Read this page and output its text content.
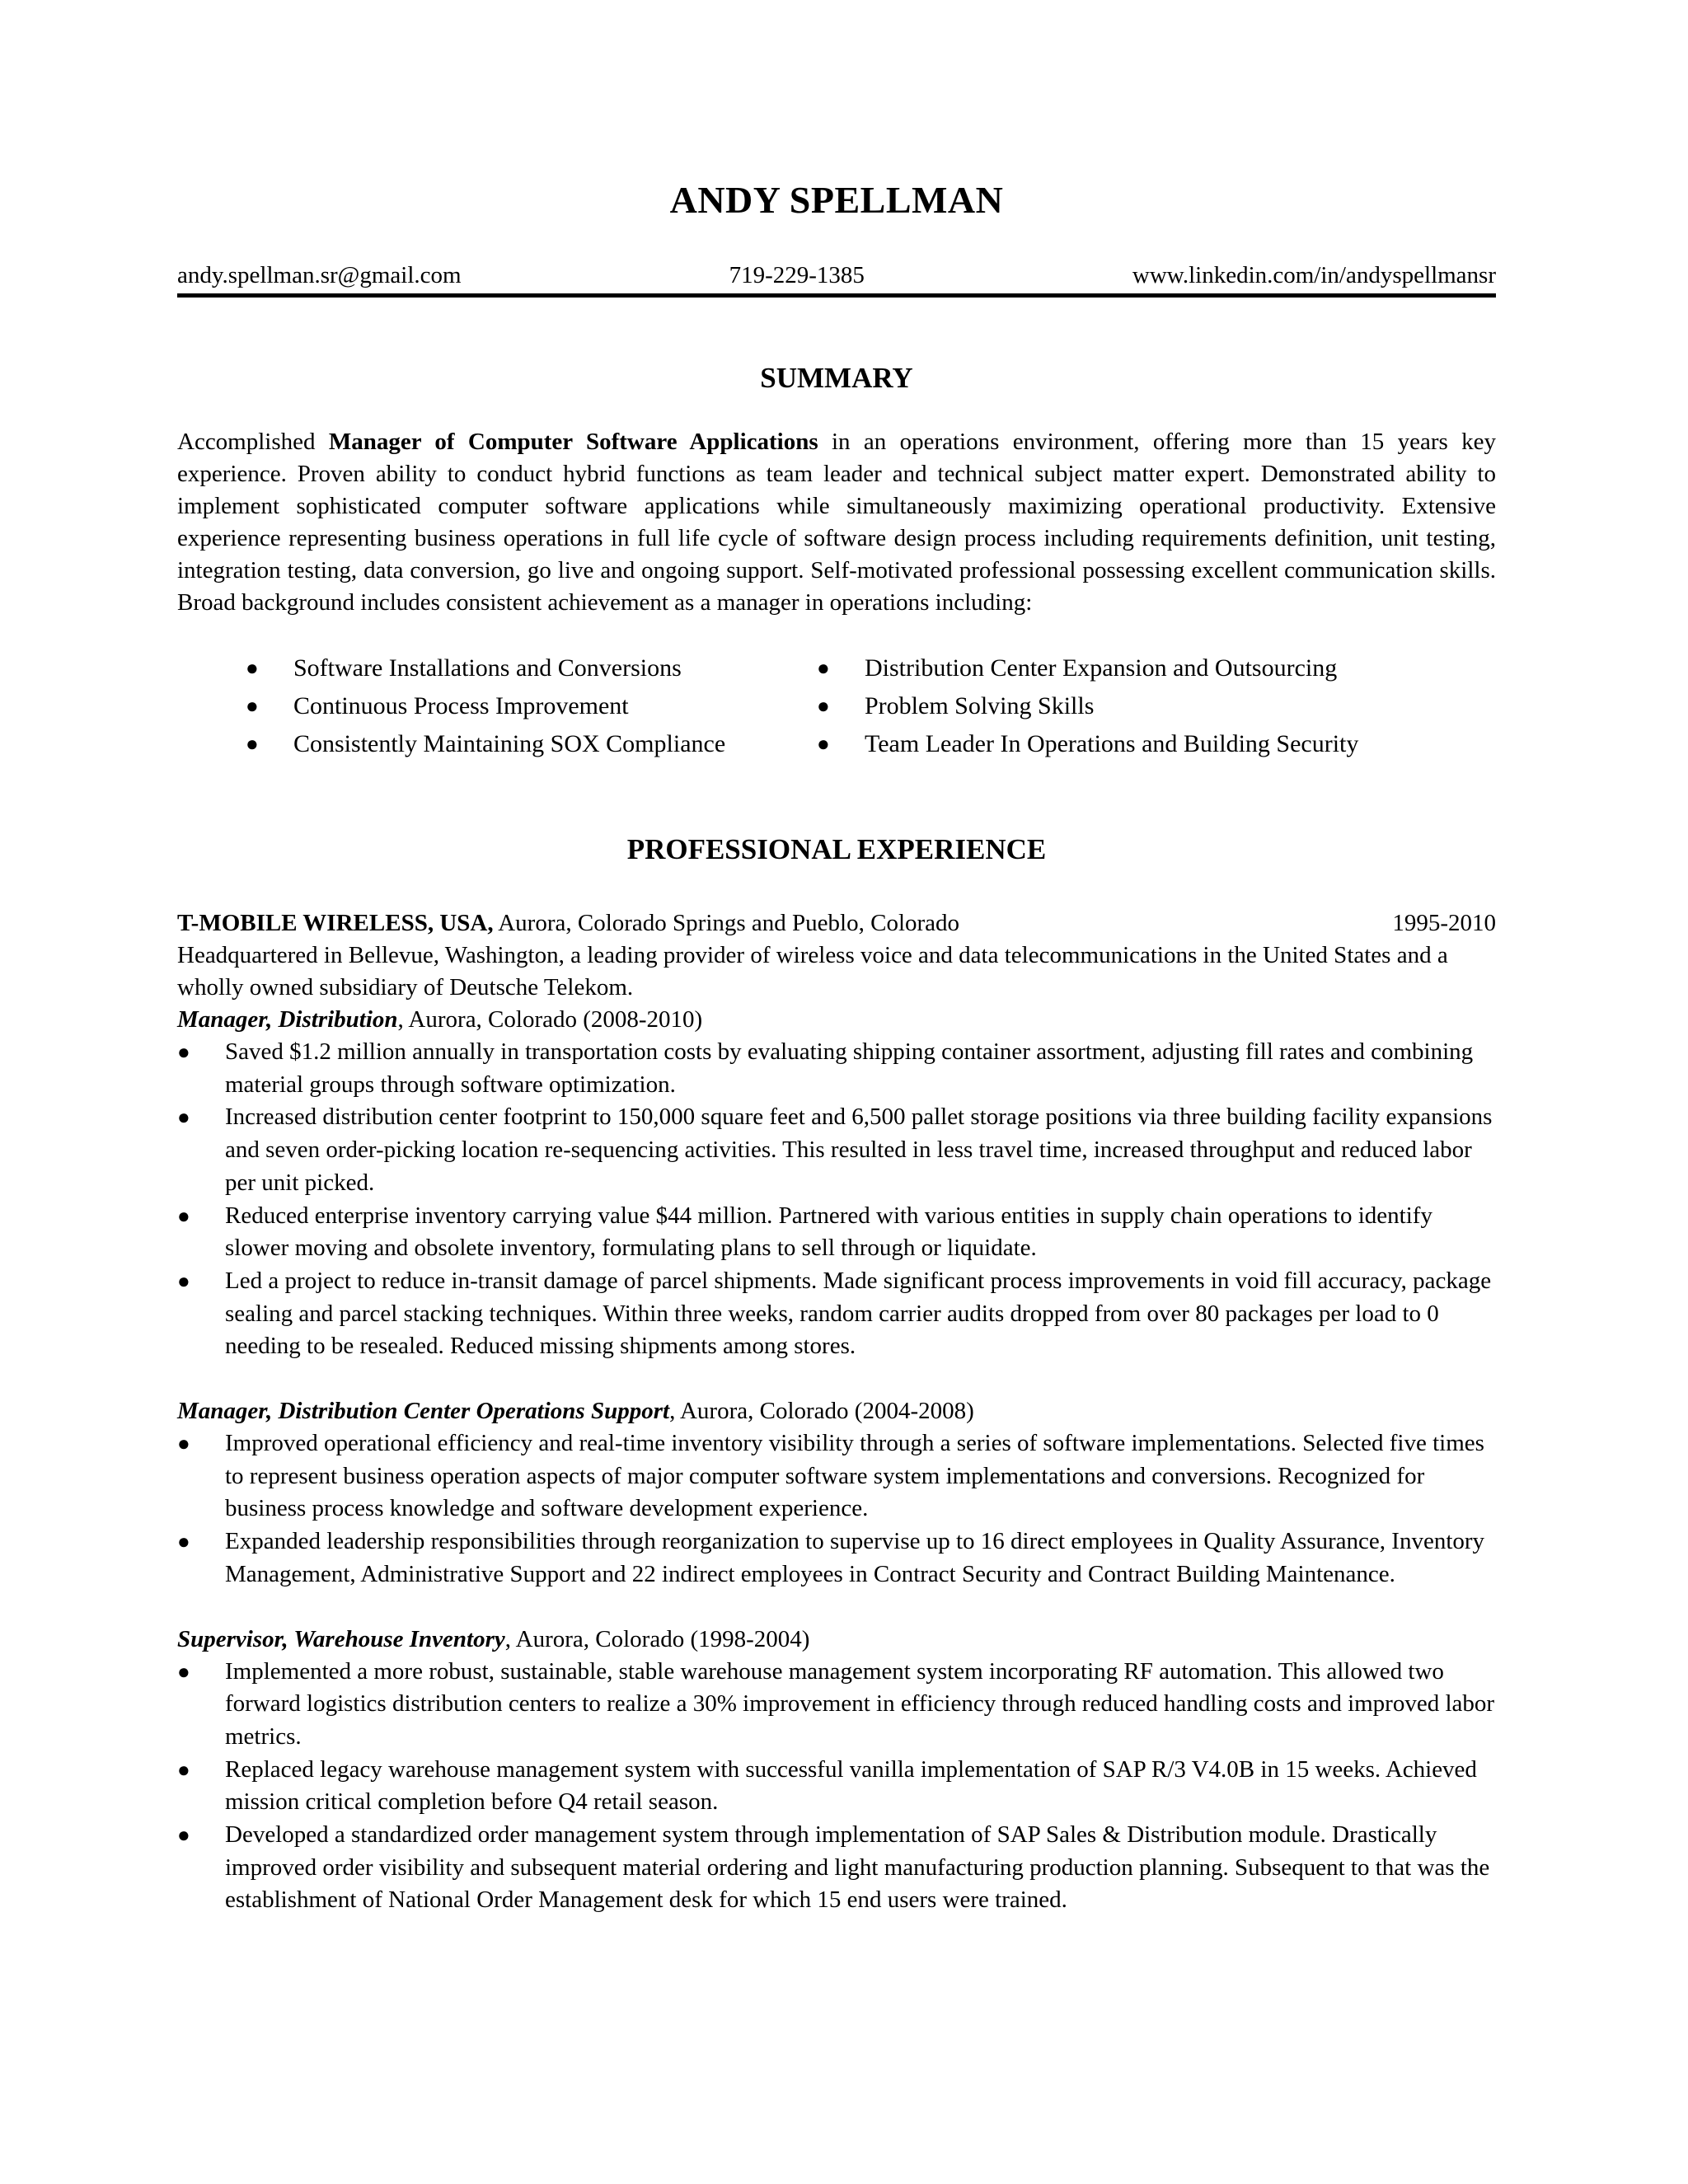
ANDY SPELLMAN
andy.spellman.sr@gmail.com	719-229-1385	www.linkedin.com/in/andyspellmansr
SUMMARY

Accomplished Manager of Computer Software Applications in an operations environment, offering more than 15 years key experience. Proven ability to conduct hybrid functions as team leader and technical subject matter expert. Demonstrated ability to implement sophisticated computer software applications while simultaneously maximizing operational productivity. Extensive experience representing business operations in full life cycle of software design process including requirements definition, unit testing, integration testing, data conversion, go live and ongoing support. Self-motivated professional possessing excellent communication skills. Broad background includes consistent achievement as a manager in operations including:

●	Software Installations and Conversions	●	Distribution Center Expansion and Outsourcing
●	Continuous Process Improvement	●	Problem Solving Skills
●	Consistently Maintaining SOX Compliance	●	Team Leader In Operations and Building Security
PROFESSIONAL EXPERIENCE
T-MOBILE WIRELESS, USA, Aurora, Colorado Springs and Pueblo, Colorado	1995-2010
Headquartered in Bellevue, Washington, a leading provider of wireless voice and data telecommunications in the United States and a wholly owned subsidiary of Deutsche Telekom.
Manager, Distribution, Aurora, Colorado (2008-2010)
●	Saved $1.2 million annually in transportation costs by evaluating shipping container assortment, adjusting fill rates and combining material groups through software optimization.
●	Increased distribution center footprint to 150,000 square feet and 6,500 pallet storage positions via three building facility expansions and seven order-picking location re-sequencing activities. This resulted in less travel time, increased throughput and reduced labor per unit picked.
●	Reduced enterprise inventory carrying value $44 million. Partnered with various entities in supply chain operations to identify slower moving and obsolete inventory, formulating plans to sell through or liquidate.
●	Led a project to reduce in-transit damage of parcel shipments. Made significant process improvements in void fill accuracy, package sealing and parcel stacking techniques. Within three weeks, random carrier audits dropped from over 80 packages per load to 0 needing to be resealed. Reduced missing shipments among stores.
Manager, Distribution Center Operations Support, Aurora, Colorado (2004-2008)
●	Improved operational efficiency and real-time inventory visibility through a series of software implementations. Selected five times to represent business operation aspects of major computer software system implementations and conversions. Recognized for business process knowledge and software development experience.
●	Expanded leadership responsibilities through reorganization to supervise up to 16 direct employees in Quality Assurance, Inventory Management, Administrative Support and 22 indirect employees in Contract Security and Contract Building Maintenance.
Supervisor, Warehouse Inventory, Aurora, Colorado (1998-2004)
●	Implemented a more robust, sustainable, stable warehouse management system incorporating RF automation. This allowed two forward logistics distribution centers to realize a 30% improvement in efficiency through reduced handling costs and improved labor metrics.
●	Replaced legacy warehouse management system with successful vanilla implementation of SAP R/3 V4.0B in 15 weeks. Achieved mission critical completion before Q4 retail season.
●	Developed a standardized order management system through implementation of SAP Sales & Distribution module. Drastically improved order visibility and subsequent material ordering and light manufacturing production planning. Subsequent to that was the establishment of National Order Management desk for which 15 end users were trained.
